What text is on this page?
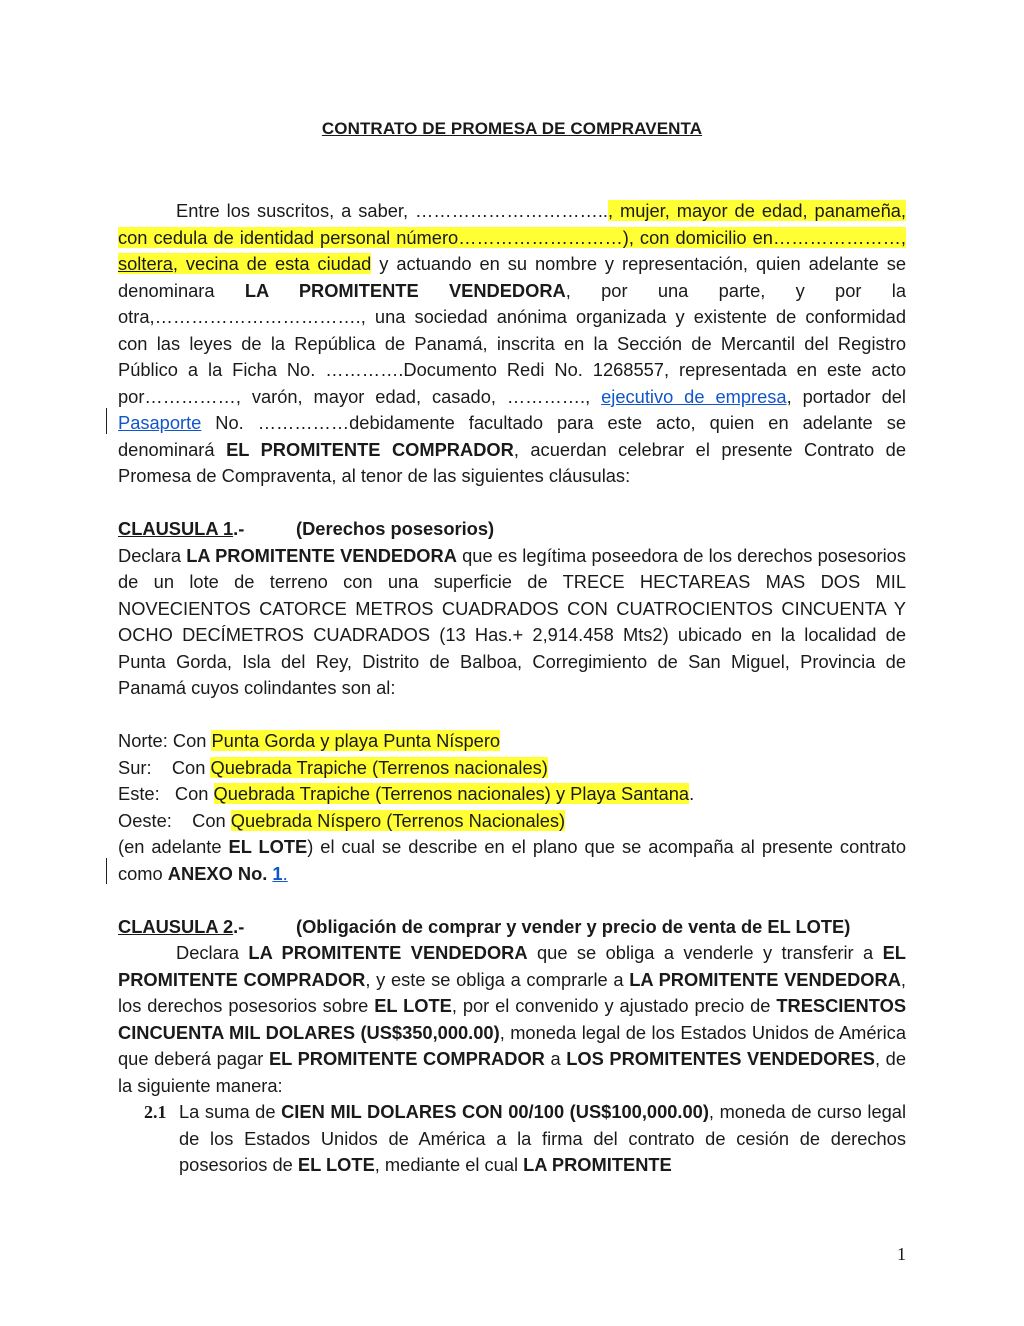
CONTRATO DE PROMESA DE COMPRAVENTA

Entre los suscritos, a saber, ………………………….., mujer, mayor de edad, panameña, con cedula de identidad personal número………………………), con domicilio en…………………, soltera, vecina de esta ciudad y actuando en su nombre y representación, quien adelante se denominara LA PROMITENTE VENDEDORA, por una parte, y por la otra,……………………………., una sociedad anónima organizada y existente de conformidad con las leyes de la República de Panamá, inscrita en la Sección de Mercantil del Registro Público a la Ficha No. ………….Documento Redi No. 1268557, representada en este acto por……………, varón, mayor edad, casado, …………., ejecutivo de empresa, portador del Pasaporte No. ……………debidamente facultado para este acto, quien en adelante se denominará EL PROMITENTE COMPRADOR, acuerdan celebrar el presente Contrato de Promesa de Compraventa, al tenor de las siguientes cláusulas:

CLAUSULA 1.-	(Derechos posesorios)

Declara LA PROMITENTE VENDEDORA que es legítima poseedora de los derechos posesorios de un lote de terreno con una superficie de TRECE HECTAREAS MAS DOS MIL NOVECIENTOS CATORCE METROS CUADRADOS CON CUATROCIENTOS CINCUENTA Y OCHO DECÍMETROS CUADRADOS (13 Has.+ 2,914.458 Mts2) ubicado en la localidad de Punta Gorda, Isla del Rey, Distrito de Balboa, Corregimiento de San Miguel, Provincia de Panamá cuyos colindantes son al:

Norte: Con Punta Gorda y playa Punta Níspero
Sur:    Con Quebrada Trapiche (Terrenos nacionales)
Este:   Con Quebrada Trapiche (Terrenos nacionales) y Playa Santana.
Oeste:    Con Quebrada Níspero (Terrenos Nacionales)

(en adelante EL LOTE) el cual se describe en el plano que se acompaña al presente contrato como ANEXO No. 1.

CLAUSULA 2.-	(Obligación de comprar y vender y precio de venta de EL LOTE)

Declara LA PROMITENTE VENDEDORA que se obliga a venderle y transferir a EL PROMITENTE COMPRADOR, y este se obliga a comprarle a LA PROMITENTE VENDEDORA, los derechos posesorios sobre EL LOTE, por el convenido y ajustado precio de TRESCIENTOS CINCUENTA MIL DOLARES (US$350,000.00), moneda legal de los Estados Unidos de América que deberá pagar EL PROMITENTE COMPRADOR a LOS PROMITENTES VENDEDORES, de la siguiente manera:

2.1 La suma de CIEN MIL DOLARES CON 00/100 (US$100,000.00), moneda de curso legal de los Estados Unidos de América a la firma del contrato de cesión de derechos posesorios de EL LOTE, mediante el cual LA PROMITENTE
1
